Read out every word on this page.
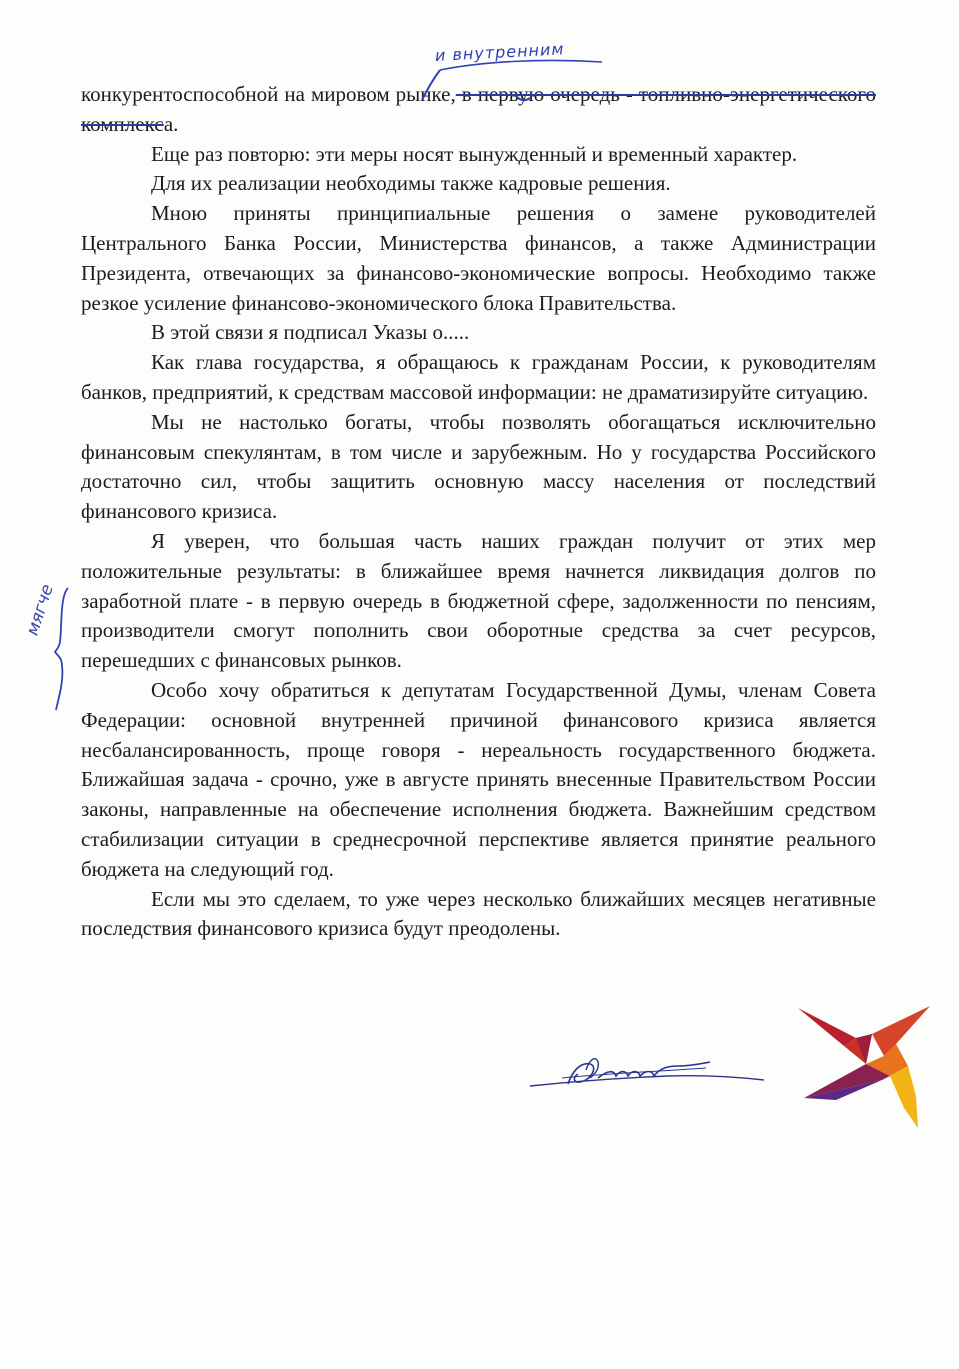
конкурентоспособной на мировом рынке, в первую очередь - топливно-энергетического комплекса.

Еще раз повторю: эти меры носят вынужденный и временный характер.

Для их реализации необходимы также кадровые решения.

Мною приняты принципиальные решения о замене руководителей Центрального Банка России, Министерства финансов, а также Администрации Президента, отвечающих за финансово-экономические вопросы. Необходимо также резкое усиление финансово-экономического блока Правительства.

В этой связи я подписал Указы о.....

Как глава государства, я обращаюсь к гражданам России, к руководителям банков, предприятий, к средствам массовой информации: не драматизируйте ситуацию.

Мы не настолько богаты, чтобы позволять обогащаться исключительно финансовым спекулянтам, в том числе и зарубежным. Но у государства Российского достаточно сил, чтобы защитить основную массу населения от последствий финансового кризиса.

Я уверен, что большая часть наших граждан получит от этих мер положительные результаты: в ближайшее время начнется ликвидация долгов по заработной плате - в первую очередь в бюджетной сфере, задолженности по пенсиям, производители смогут пополнить свои оборотные средства за счет ресурсов, перешедших с финансовых рынков.

Особо хочу обратиться к депутатам Государственной Думы, членам Совета Федерации: основной внутренней причиной финансового кризиса является несбалансированность, проще говоря - нереальность государственного бюджета. Ближайшая задача - срочно, уже в августе принять внесенные Правительством России законы, направленные на обеспечение исполнения бюджета. Важнейшим средством стабилизации ситуации в среднесрочной перспективе является принятие реального бюджета на следующий год.

Если мы это сделаем, то уже через несколько ближайших месяцев негативные последствия финансового кризиса будут преодолены.

и внутренним
мягче
